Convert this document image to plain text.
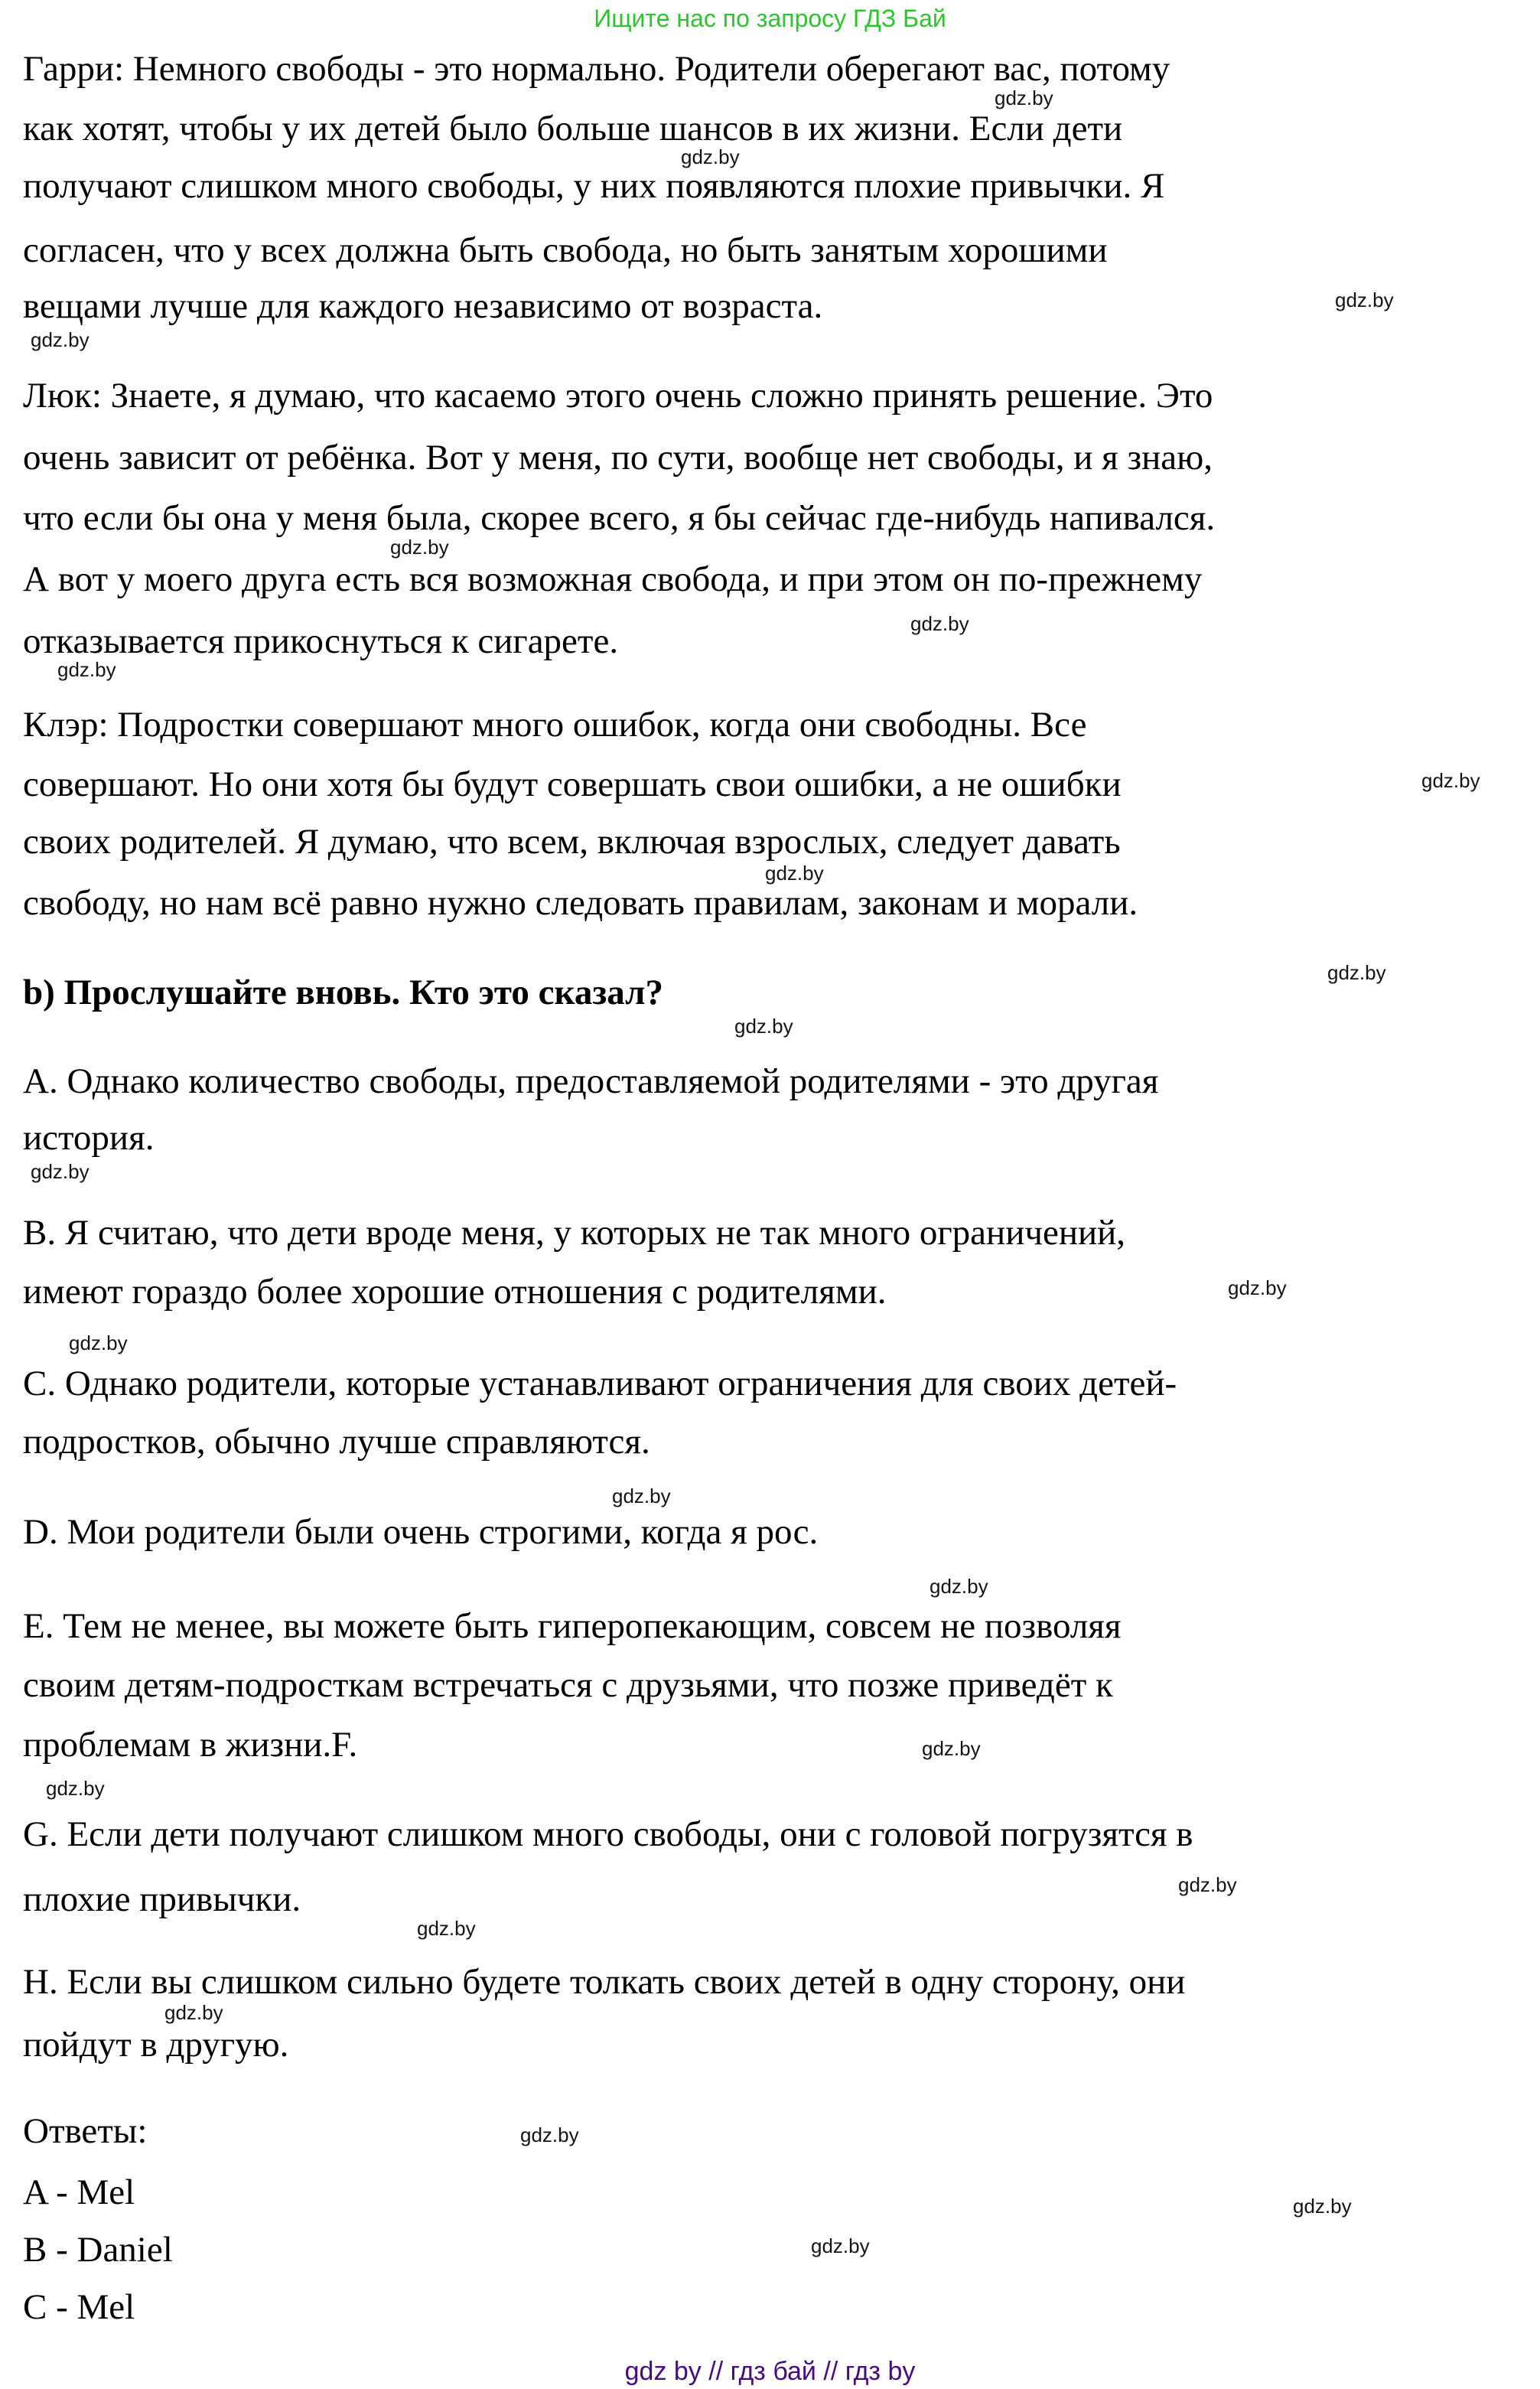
Ищите нас по запросу ГДЗ Бай
Гарри: Немного свободы - это нормально. Родители оберегают вас, потому
как хотят, чтобы у их детей было больше шансов в их жизни. Если дети
получают слишком много свободы, у них появляются плохие привычки. Я
согласен, что у всех должна быть свобода, но быть занятым хорошими
вещами лучше для каждого независимо от возраста.
Люк: Знаете, я думаю, что касаемо этого очень сложно принять решение. Это
очень зависит от ребёнка. Вот у меня, по сути, вообще нет свободы, и я знаю,
что если бы она у меня была, скорее всего, я бы сейчас где-нибудь напивался.
А вот у моего друга есть вся возможная свобода, и при этом он по-прежнему
отказывается прикоснуться к сигарете.
Клэр: Подростки совершают много ошибок, когда они свободны. Все
совершают. Но они хотя бы будут совершать свои ошибки, а не ошибки
своих родителей. Я думаю, что всем, включая взрослых, следует давать
свободу, но нам всё равно нужно следовать правилам, законам и морали.
b) Прослушайте вновь. Кто это сказал?
A. Однако количество свободы, предоставляемой родителями - это другая
история.
B. Я считаю, что дети вроде меня, у которых не так много ограничений,
имеют гораздо более хорошие отношения с родителями.
C. Однако родители, которые устанавливают ограничения для своих детей-
подростков, обычно лучше справляются.
D. Мои родители были очень строгими, когда я рос.
E. Тем не менее, вы можете быть гиперопекающим, совсем не позволяя
своим детям-подросткам встречаться с друзьями, что позже приведёт к
проблемам в жизни.F.
G. Если дети получают слишком много свободы, они с головой погрузятся в
плохие привычки.
H. Если вы слишком сильно будете толкать своих детей в одну сторону, они
пойдут в другую.
Ответы:
A - Mel
B - Daniel
C - Mel
gdz.by
gdz.by
gdz.by
gdz.by
gdz.by
gdz.by
gdz.by
gdz.by
gdz.by
gdz.by
gdz.by
gdz.by
gdz.by
gdz.by
gdz.by
gdz.by
gdz.by
gdz.by
gdz.by
gdz.by
gdz.by
gdz.by
gdz.by
gdz.by
gdz by // гдз бай // гдз by
